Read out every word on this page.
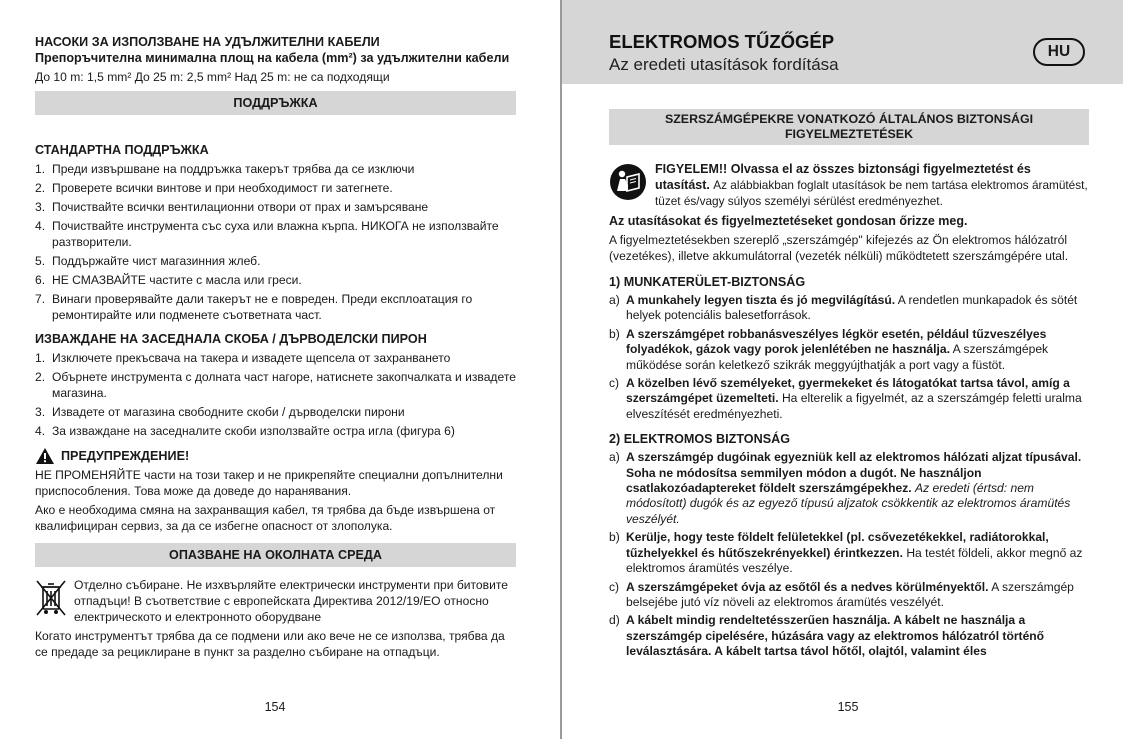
НАСОКИ ЗА ИЗПОЛЗВАНЕ НА УДЪЛЖИТЕЛНИ КАБЕЛИ
Препоръчителна минимална площ на кабела (mm²) за удължителни кабели
До 10 m: 1,5 mm² До 25 m: 2,5 mm² Над 25 m: не са подходящи
ПОДДРЪЖКА
СТАНДАРТНА ПОДДРЪЖКА
1. Преди извършване на поддръжка такерът трябва да се изключи
2. Проверете всички винтове и при необходимост ги затегнете.
3. Почиствайте всички вентилационни отвори от прах и замърсяване
4. Почиствайте инструмента със суха или влажна кърпа. НИКОГА не използвайте разтворители.
5. Поддържайте чист магазинния жлеб.
6. НЕ СМАЗВАЙТЕ частите с масла или греси.
7. Винаги проверявайте дали такерът не е повреден. Преди експлоатация го ремонтирайте или подменете съответната част.
ИЗВАЖДАНЕ НА ЗАСЕДНАЛА СКОБА / ДЪРВОДЕЛСКИ ПИРОН
1. Изключете прекъсвача на такера и извадете щепсела от захранването
2. Обърнете инструмента с долната част нагоре, натиснете закопчалката и извадете магазина.
3. Извадете от магазина свободните скоби / дърводелски пирони
4. За изваждане на заседналите скоби използвайте остра игла (фигура 6)
ПРЕДУПРЕЖДЕНИЕ!
НЕ ПРОМЕНЯЙТЕ части на този такер и не прикрепяйте специални допълнителни приспособления. Това може да доведе до наранявания.
Ако е необходима смяна на захранващия кабел, тя трябва да бъде извършена от квалифициран сервиз, за да се избегне опасност от злополука.
ОПАЗВАНЕ НА ОКОЛНАТА СРЕДА
Отделно събиране. Не изхвърляйте електрически инструменти при битовите отпадъци! В съответствие с европейската Директива 2012/19/ЕО относно електрическото и електронното оборудване
Когато инструментът трябва да се подмени или ако вече не се използва, трябва да се предаде за рециклиране в пункт за разделно събиране на отпадъци.
154
ELEKTROMOS TŰZŐGÉP
Az eredeti utasítások fordítása
HU
SZERSZÁMGÉPEKRE VONATKOZÓ ÁLTALÁNOS BIZTONSÁGI FIGYELMEZTETÉSEK
FIGYELEM!! Olvassa el az összes biztonsági figyelmeztetést és utasítást. Az alábbiakban foglalt utasítások be nem tartása elektromos áramütést, tüzet és/vagy súlyos személyi sérülést eredményezhet.
Az utasításokat és figyelmeztetéseket gondosan őrizze meg.
A figyelmeztetésekben szereplő „szerszámgép" kifejezés az Ön elektromos hálózatról (vezetékes), illetve akkumulátorral (vezeték nélküli) működtetett szerszámgépére utal.
1) MUNKATERÜLET-BIZTONSÁG
a) A munkahely legyen tiszta és jó megvilágítású. A rendetlen munkapadok és sötét helyek potenciális balesetforrások.
b) A szerszámgépet robbanásveszélyes légkör esetén, például tűzveszélyes folyadékok, gázok vagy porok jelenlétében ne használja. A szerszámgépek működése során keletkező szikrák meggyújthatják a port vagy a füstöt.
c) A közelben lévő személyeket, gyermekeket és látogatókat tartsa távol, amíg a szerszámgépet üzemelteti. Ha elterelik a figyelmét, az a szerszámgép feletti uralma elveszítését eredményezheti.
2) ELEKTROMOS BIZTONSÁG
a) A szerszámgép dugóinak egyezniük kell az elektromos hálózati aljzat típusával. Soha ne módosítsa semmilyen módon a dugót. Ne használjon csatlakozóadaptereket földelt szerszámgépekhez. Az eredeti (értsd: nem módosított) dugók és az egyező típusú aljzatok csökkentik az elektromos áramütés veszélyét.
b) Kerülje, hogy teste földelt felületekkel (pl. csővezetékekkel, radiátorokkal, tűzhelyekkel és hűtőszekrényekkel) érintkezzen. Ha testét földeli, akkor megnő az elektromos áramütés veszélye.
c) A szerszámgépeket óvja az esőtől és a nedves körülményektől. A szerszámgép belsejébe jutó víz növeli az elektromos áramütés veszélyét.
d) A kábelt mindig rendeltetésszerűen használja. A kábelt ne használja a szerszámgép cipelésére, húzására vagy az elektromos hálózatról történő leválasztására. A kábelt tartsa távol hőtől, olajtól, valamint éles
155
